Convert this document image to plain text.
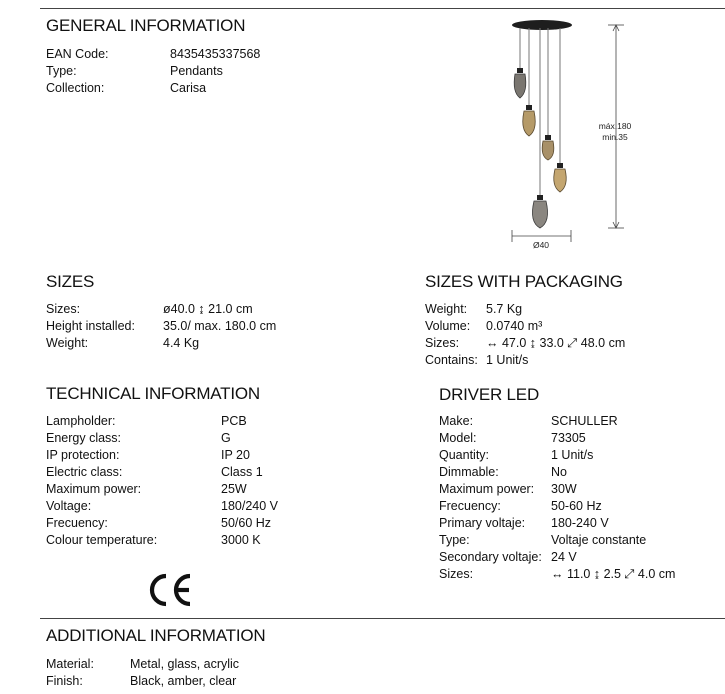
GENERAL INFORMATION
EAN Code:	8435435337568
Type:	Pendants
Collection:	Carisa
máx.180
min.35
Ø40
SIZES
Sizes:	ø40.0 ↨ 21.0 cm
Height installed: 35.0/ max. 180.0 cm
Weight:	4.4 Kg
SIZES WITH PACKAGING
Weight: 5.7 Kg
Volume: 0.0740 m³
Sizes: ↔ 47.0 ↨ 33.0 ⤢ 48.0 cm
Contains: 1 Unit/s
TECHNICAL INFORMATION
Lampholder:	PCB
Energy class:	G
IP protection:	IP 20
Electric class:	Class 1
Maximum power:	25W
Voltage:	180/240 V
Frecuency:	50/60 Hz
Colour temperature:	3000 K
DRIVER LED
Make:	SCHULLER
Model:	73305
Quantity:	1 Unit/s
Dimmable:	No
Maximum power: 30W
Frecuency:	50-60 Hz
Primary voltaje: 180-240 V
Type:	Voltaje constante
Secondary voltaje: 24 V
Sizes:	↔ 11.0 ↨ 2.5 ⤢ 4.0 cm
ADDITIONAL INFORMATION
Material:	Metal, glass, acrylic
Finish:	Black, amber, clear
